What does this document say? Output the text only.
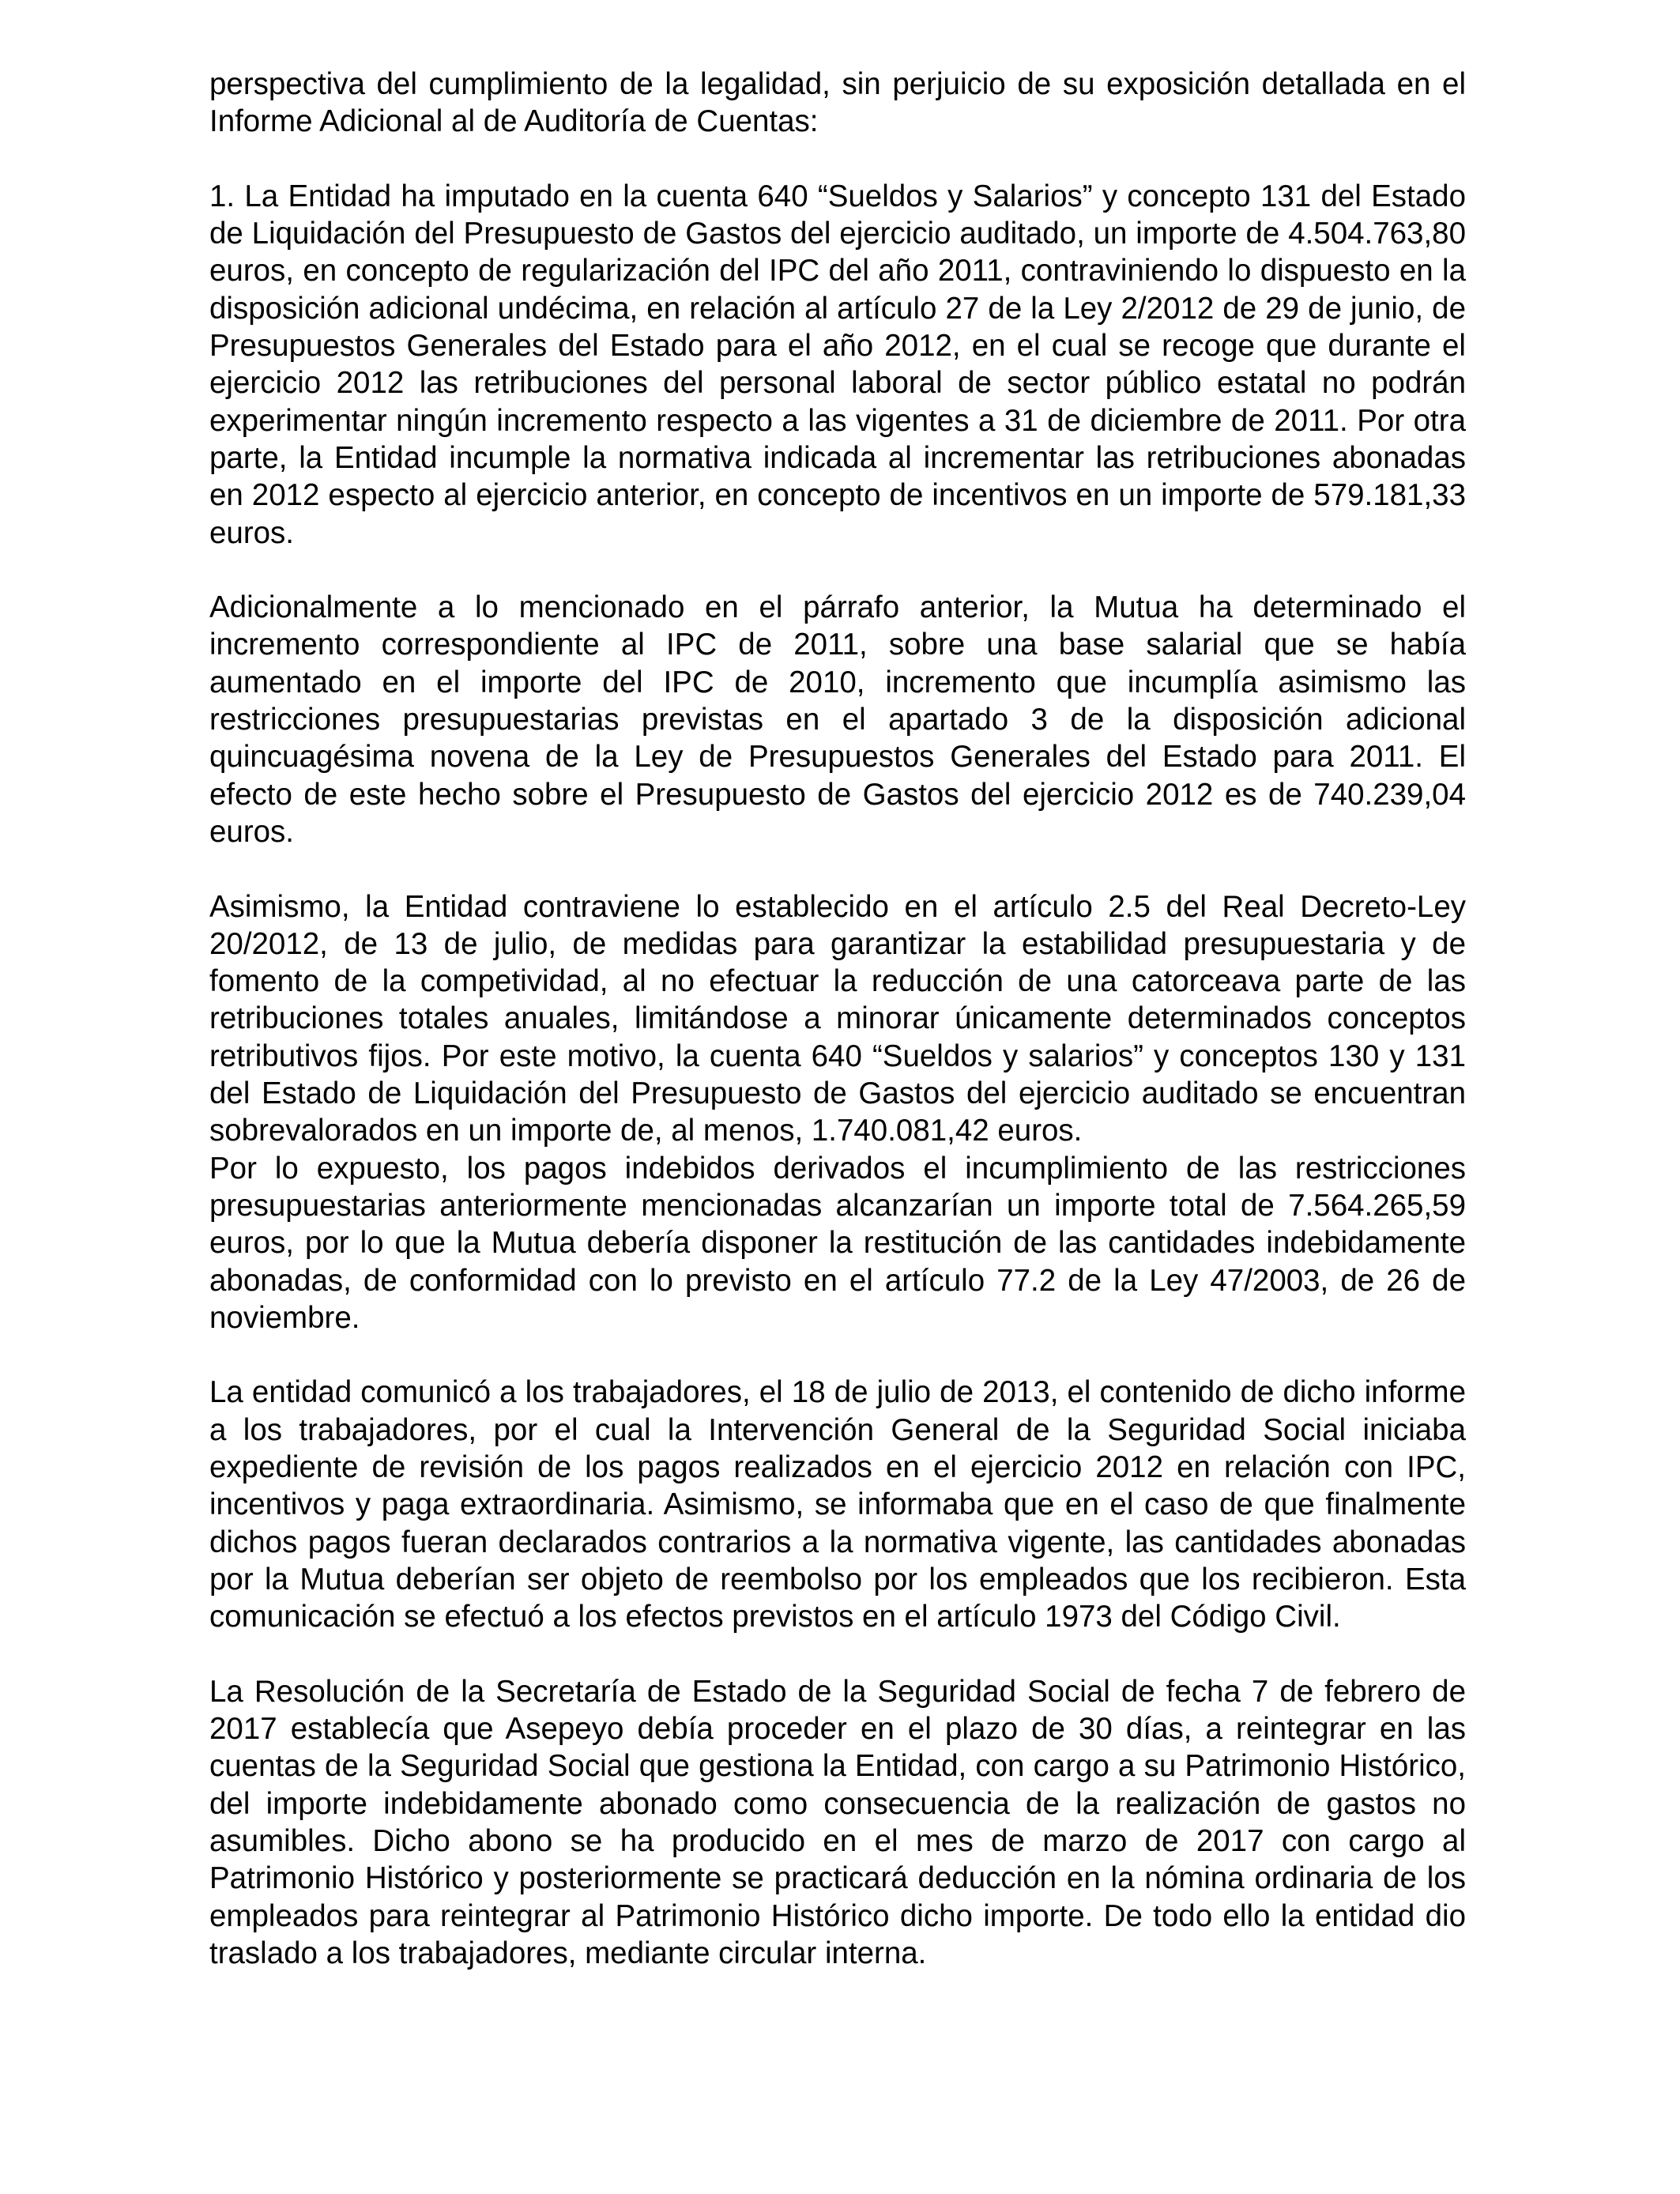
perspectiva del cumplimiento de la legalidad, sin perjuicio de su exposición detallada en el Informe Adicional al de Auditoría de Cuentas:

1. La Entidad ha imputado en la cuenta 640 “Sueldos y Salarios” y concepto 131 del Estado de Liquidación del Presupuesto de Gastos del ejercicio auditado, un importe de 4.504.763,80 euros, en concepto de regularización del IPC del año 2011, contraviniendo lo dispuesto en la disposición adicional undécima, en relación al artículo 27 de la Ley 2/2012 de 29 de junio, de Presupuestos Generales del Estado para el año 2012, en el cual se recoge que durante el ejercicio 2012 las retribuciones del personal laboral de sector público estatal no podrán experimentar ningún incremento respecto a las vigentes a 31 de diciembre de 2011. Por otra parte, la Entidad incumple la normativa indicada al incrementar las retribuciones abonadas en 2012 especto al ejercicio anterior, en concepto de incentivos en un importe de 579.181,33 euros.

Adicionalmente a lo mencionado en el párrafo anterior, la Mutua ha determinado el incremento correspondiente al IPC de 2011, sobre una base salarial que se había aumentado en el importe del IPC de 2010, incremento que incumplía asimismo las restricciones presupuestarias previstas en el apartado 3 de la disposición adicional quincuagésima novena de la Ley de Presupuestos Generales del Estado para 2011. El efecto de este hecho sobre el Presupuesto de Gastos del ejercicio 2012 es de 740.239,04 euros.

Asimismo, la Entidad contraviene lo establecido en el artículo 2.5 del Real Decreto-Ley 20/2012, de 13 de julio, de medidas para garantizar la estabilidad presupuestaria y de fomento de la competividad, al no efectuar la reducción de una catorceava parte de las retribuciones totales anuales, limitándose a minorar únicamente determinados conceptos retributivos fijos. Por este motivo, la cuenta 640 “Sueldos y salarios” y conceptos 130 y 131 del Estado de Liquidación del Presupuesto de Gastos del ejercicio auditado se encuentran sobrevalorados en un importe de, al menos, 1.740.081,42 euros.

Por lo expuesto, los pagos indebidos derivados el incumplimiento de las restricciones presupuestarias anteriormente mencionadas alcanzarían un importe total de 7.564.265,59 euros, por lo que la Mutua debería disponer la restitución de las cantidades indebidamente abonadas, de conformidad con lo previsto en el artículo 77.2 de la Ley 47/2003, de 26 de noviembre.

La entidad comunicó a los trabajadores, el 18 de julio de 2013, el contenido de dicho informe a los trabajadores, por el cual la Intervención General de la Seguridad Social iniciaba expediente de revisión de los pagos realizados en el ejercicio 2012 en relación con IPC, incentivos y paga extraordinaria. Asimismo, se informaba que en el caso de que finalmente dichos pagos fueran declarados contrarios a la normativa vigente, las cantidades abonadas por la Mutua deberían ser objeto de reembolso por los empleados que los recibieron. Esta comunicación se efectuó a los efectos previstos en el artículo 1973 del Código Civil.

La Resolución de la Secretaría de Estado de la Seguridad Social de fecha 7 de febrero de 2017 establecía que Asepeyo debía proceder en el plazo de 30 días, a reintegrar en las cuentas de la Seguridad Social que gestiona la Entidad, con cargo a su Patrimonio Histórico, del importe indebidamente abonado como consecuencia de la realización de gastos no asumibles. Dicho abono se ha producido en el mes de marzo de 2017 con cargo al Patrimonio Histórico y posteriormente se practicará deducción en la nómina ordinaria de los empleados para reintegrar al Patrimonio Histórico dicho importe. De todo ello la entidad dio traslado a los trabajadores, mediante circular interna.
